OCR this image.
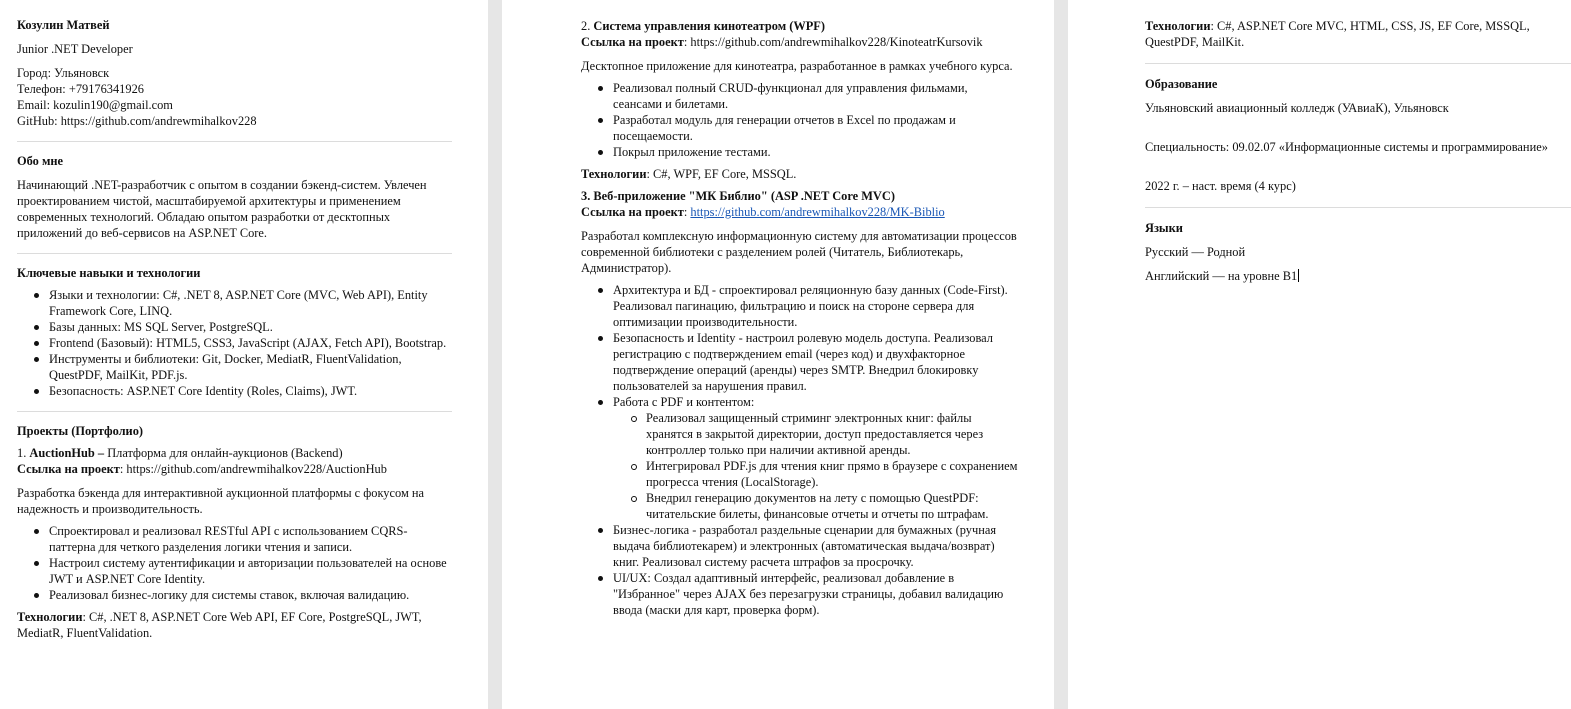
Козулин Матвей

Junior .NET Developer

Город: Ульяновск

Телефон: +79176341926

Email: kozulin190@gmail.com

GitHub: https://github.com/andrewmihalkov228

Обо мне

Начинающий .NET-разработчик с опытом в создании бэкенд-систем. Увлечен проектированием чистой, масштабируемой архитектуры и применением современных технологий. Обладаю опытом разработки от десктопных приложений до веб-сервисов на ASP.NET Core.

Ключевые навыки и технологии

Языки и технологии: C#, .NET 8, ASP.NET Core (MVC, Web API), Entity Framework Core, LINQ.
Базы данных: MS SQL Server, PostgreSQL.
Frontend (Базовый): HTML5, CSS3, JavaScript (AJAX, Fetch API), Bootstrap.
Инструменты и библиотеки: Git, Docker, MediatR, FluentValidation, QuestPDF, MailKit, PDF.js.
Безопасность: ASP.NET Core Identity (Roles, Claims), JWT.

Проекты (Портфолио)

1. AuctionHub – Платформа для онлайн-аукционов (Backend)

Ссылка на проект: https://github.com/andrewmihalkov228/AuctionHub

Разработка бэкенда для интерактивной аукционной платформы с фокусом на надежность и производительность.

Спроектировал и реализовал RESTful API с использованием CQRS-паттерна для четкого разделения логики чтения и записи.
Настроил систему аутентификации и авторизации пользователей на основе JWT и ASP.NET Core Identity.
Реализовал бизнес-логику для системы ставок, включая валидацию.

Технологии: C#, .NET 8, ASP.NET Core Web API, EF Core, PostgreSQL, JWT, MediatR, FluentValidation.

2. Система управления кинотеатром (WPF)

Ссылка на проект: https://github.com/andrewmihalkov228/KinoteatrKursovik

Десктопное приложение для кинотеатра, разработанное в рамках учебного курса.

Реализовал полный CRUD-функционал для управления фильмами, сеансами и билетами.
Разработал модуль для генерации отчетов в Excel по продажам и посещаемости.
Покрыл приложение тестами.

Технологии: C#, WPF, EF Core, MSSQL.

3. Веб-приложение "МК Библио" (ASP .NET Core MVC)

Ссылка на проект: https://github.com/andrewmihalkov228/MK-Biblio

Разработал комплексную информационную систему для автоматизации процессов современной библиотеки с разделением ролей (Читатель, Библиотекарь, Администратор).

Архитектура и БД - спроектировал реляционную базу данных (Code-First). Реализовал пагинацию, фильтрацию и поиск на стороне сервера для оптимизации производительности.
Безопасность и Identity - настроил ролевую модель доступа. Реализовал регистрацию с подтверждением email (через код) и двухфакторное подтверждение операций (аренды) через SMTP. Внедрил блокировку пользователей за нарушения правил.
Работа с PDF и контентом:
Реализовал защищенный стриминг электронных книг: файлы хранятся в закрытой директории, доступ предоставляется через контроллер только при наличии активной аренды.
Интегрировал PDF.js для чтения книг прямо в браузере с сохранением прогресса чтения (LocalStorage).
Внедрил генерацию документов на лету с помощью QuestPDF: читательские билеты, финансовые отчеты и отчеты по штрафам.
Бизнес-логика - разработал раздельные сценарии для бумажных (ручная выдача библиотекарем) и электронных (автоматическая выдача/возврат) книг. Реализовал систему расчета штрафов за просрочку.
UI/UX: Создал адаптивный интерфейс, реализовал добавление в "Избранное" через AJAX без перезагрузки страницы, добавил валидацию ввода (маски для карт, проверка форм).

Технологии: C#, ASP.NET Core MVC, HTML, CSS, JS, EF Core, MSSQL, QuestPDF, MailKit.

Образование

Ульяновский авиационный колледж (УАвиаК), Ульяновск

Специальность: 09.02.07 «Информационные системы и программирование»

2022 г. – наст. время (4 курс)

Языки

Русский — Родной

Английский — на уровне B1
